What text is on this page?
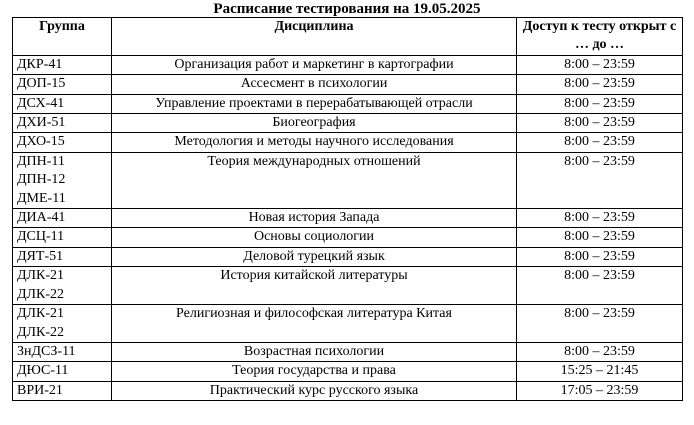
Расписание тестирования на 19.05.2025
Группа	Дисциплина	Доступ к тесту открыт с … до …

ДКР-41	Организация работ и маркетинг в картографии	8:00 – 23:59

ДОП-15	Ассесмент в психологии	8:00 – 23:59

ДСХ-41	Управление проектами в перерабатывающей отрасли	8:00 – 23:59

ДХИ-51	Биогеография	8:00 – 23:59

ДХО-15	Методология и методы научного исследования	8:00 – 23:59

ДПН-11
ДПН-12
ДМЕ-11	Теория международных отношений	8:00 – 23:59

ДИА-41	Новая история Запада	8:00 – 23:59

ДСЦ-11	Основы социологии	8:00 – 23:59

ДЯТ-51	Деловой турецкий язык	8:00 – 23:59

ДЛК-21
ДЛК-22	История китайской литературы	8:00 – 23:59

ДЛК-21
ДЛК-22	Религиозная и философская литература Китая	8:00 – 23:59

ЗнДСЗ-11	Возрастная психологии	8:00 – 23:59

ДЮС-11	Теория государства и права	15:25 – 21:45

ВРИ-21	Практический курс русского языка	17:05 – 23:59
